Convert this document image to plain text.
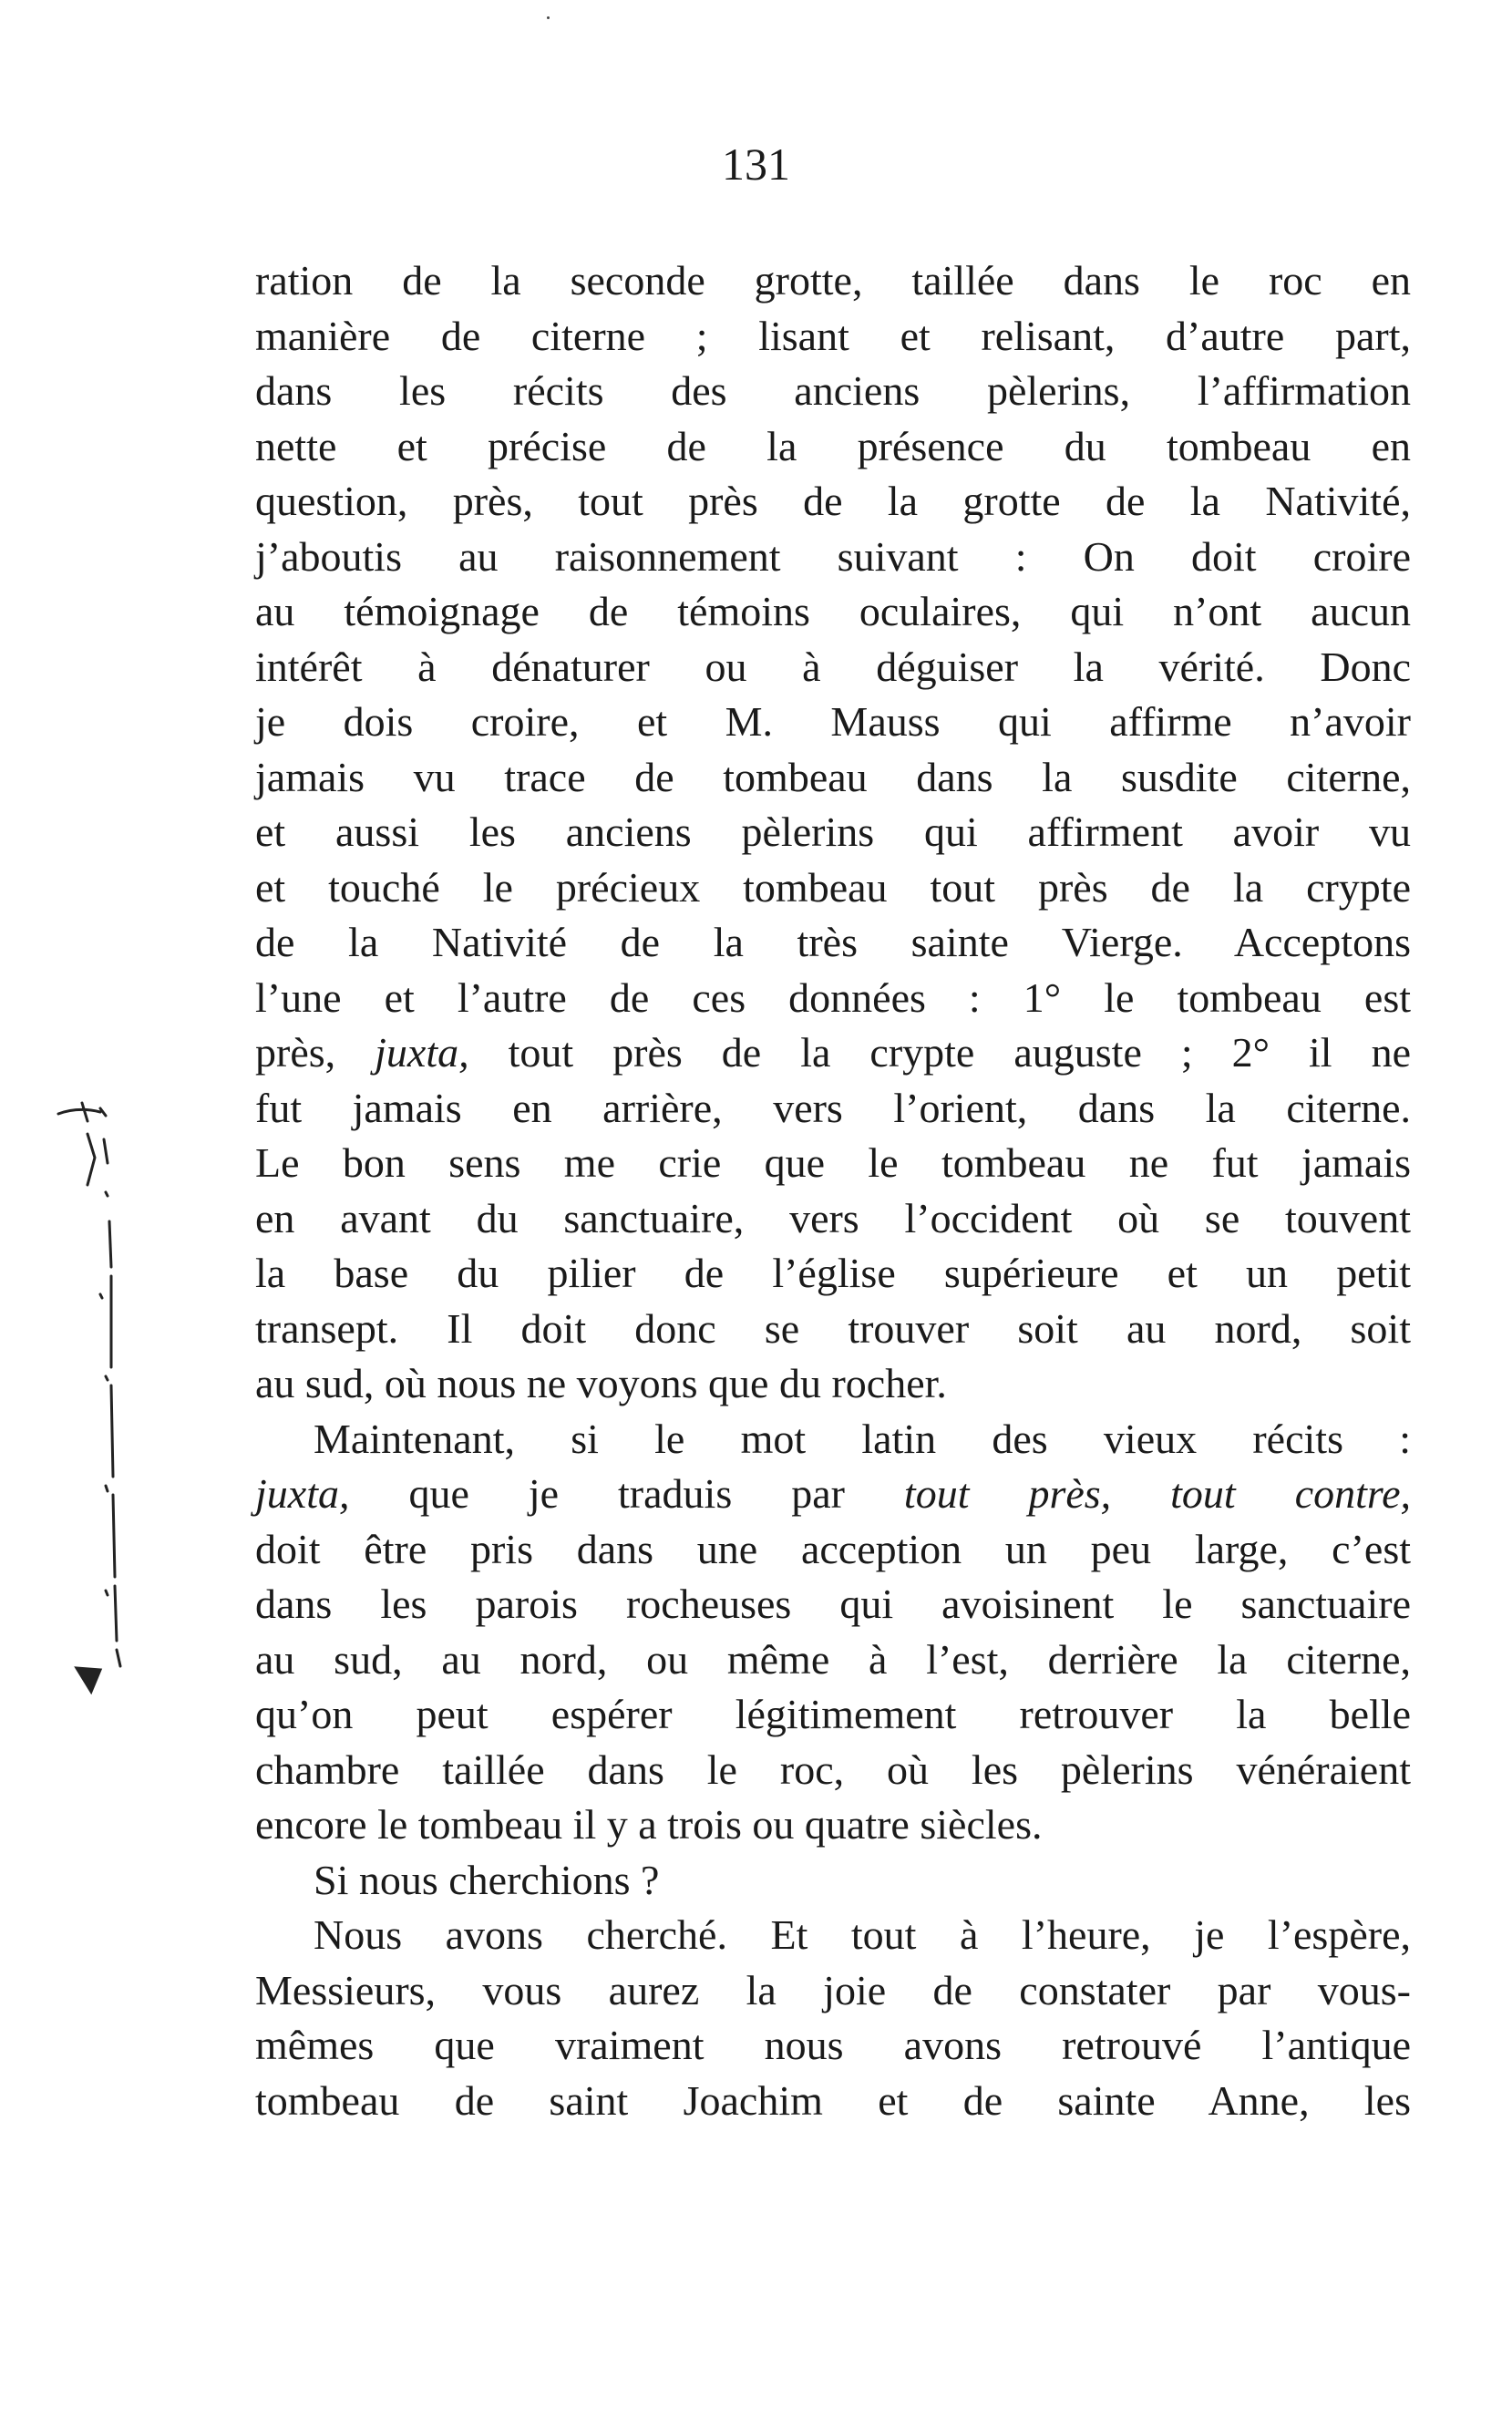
131
ration de la seconde grotte, taillée dans le roc en
manière de citerne ; lisant et relisant, d’autre part,
dans les récits des anciens pèlerins, l’affirmation
nette et précise de la présence du tombeau en
question, près, tout près de la grotte de la Nativité,
j’aboutis au raisonnement suivant : On doit croire
au témoignage de témoins oculaires, qui n’ont aucun
intérêt à dénaturer ou à déguiser la vérité. Donc
je dois croire, et M. Mauss qui affirme n’avoir
jamais vu trace de tombeau dans la susdite citerne,
et aussi les anciens pèlerins qui affirment avoir vu
et touché le précieux tombeau tout près de la crypte
de la Nativité de la très sainte Vierge. Acceptons
l’une et l’autre de ces données : 1° le tombeau est
près, juxta, tout près de la crypte auguste ; 2° il ne
fut jamais en arrière, vers l’orient, dans la citerne.
Le bon sens me crie que le tombeau ne fut jamais
en avant du sanctuaire, vers l’occident où se touvent
la base du pilier de l’église supérieure et un petit
transept. Il doit donc se trouver soit au nord, soit
au sud, où nous ne voyons que du rocher.
Maintenant, si le mot latin des vieux récits :
juxta, que je traduis par tout près, tout contre,
doit être pris dans une acception un peu large, c’est
dans les parois rocheuses qui avoisinent le sanctuaire
au sud, au nord, ou même à l’est, derrière la citerne,
qu’on peut espérer légitimement retrouver la belle
chambre taillée dans le roc, où les pèlerins vénéraient
encore le tombeau il y a trois ou quatre siècles.
Si nous cherchions ?
Nous avons cherché. Et tout à l’heure, je l’espère,
Messieurs, vous aurez la joie de constater par vous-
mêmes que vraiment nous avons retrouvé l’antique
tombeau de saint Joachim et de sainte Anne, les
